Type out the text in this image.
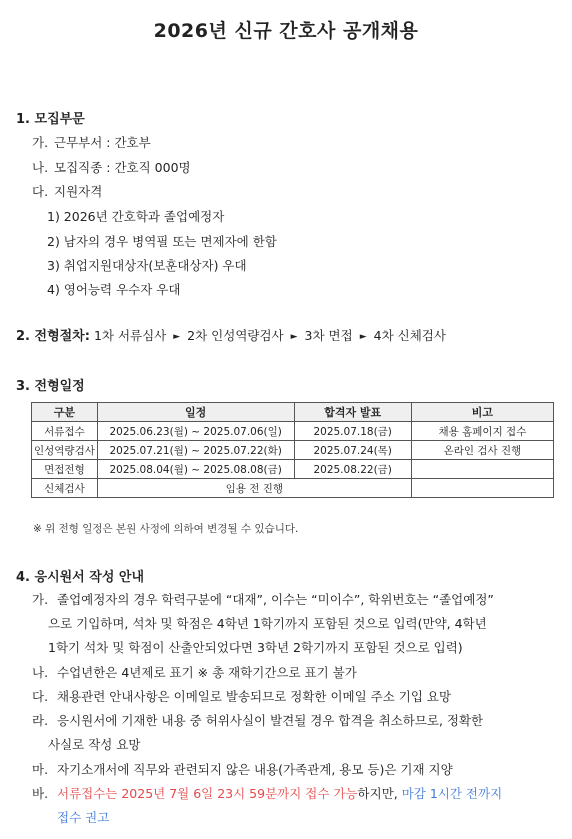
2026년 신규 간호사 공개채용
1. 모집부문
가. 근무부서 : 간호부
나. 모집직종 : 간호직 000명
다. 지원자격
1) 2026년 간호학과 졸업예정자
2) 남자의 경우 병역필 또는 면제자에 한함
3) 취업지원대상자(보훈대상자) 우대
4) 영어능력 우수자 우대
2. 전형절차: 1차 서류심사 ► 2차 인성역량검사 ► 3차 면접 ► 4차 신체검사
3. 전형일정
구분	일정	합격자 발표	비고
서류접수	2025.06.23(월) ~ 2025.07.06(일)	2025.07.18(금)	채용 홈페이지 접수
인성역량검사	2025.07.21(월) ~ 2025.07.22(화)	2025.07.24(목)	온라인 검사 진행
면접전형	2025.08.04(월) ~ 2025.08.08(금)	2025.08.22(금)	
신체검사	임용 전 진행		
※ 위 전형 일정은 본원 사정에 의하여 변경될 수 있습니다.
4. 응시원서 작성 안내
가. 졸업예정자의 경우 학력구분에 “대재”, 이수는 “미이수”, 학위번호는 “졸업예정”
으로 기입하며, 석차 및 학점은 4학년 1학기까지 포함된 것으로 입력(만약, 4학년
1학기 석차 및 학점이 산출안되었다면 3학년 2학기까지 포함된 것으로 입력)
나. 수업년한은 4년제로 표기 ※ 총 재학기간으로 표기 불가
다. 채용관련 안내사항은 이메일로 발송되므로 정확한 이메일 주소 기입 요망
라. 응시원서에 기재한 내용 중 허위사실이 발견될 경우 합격을 취소하므로, 정확한
사실로 작성 요망
마. 자기소개서에 직무와 관련되지 않은 내용(가족관계, 용모 등)은 기재 지양
바. 서류접수는 2025년 7월 6일 23시 59분까지 접수 가능하지만, 마감 1시간 전까지
접수 권고
